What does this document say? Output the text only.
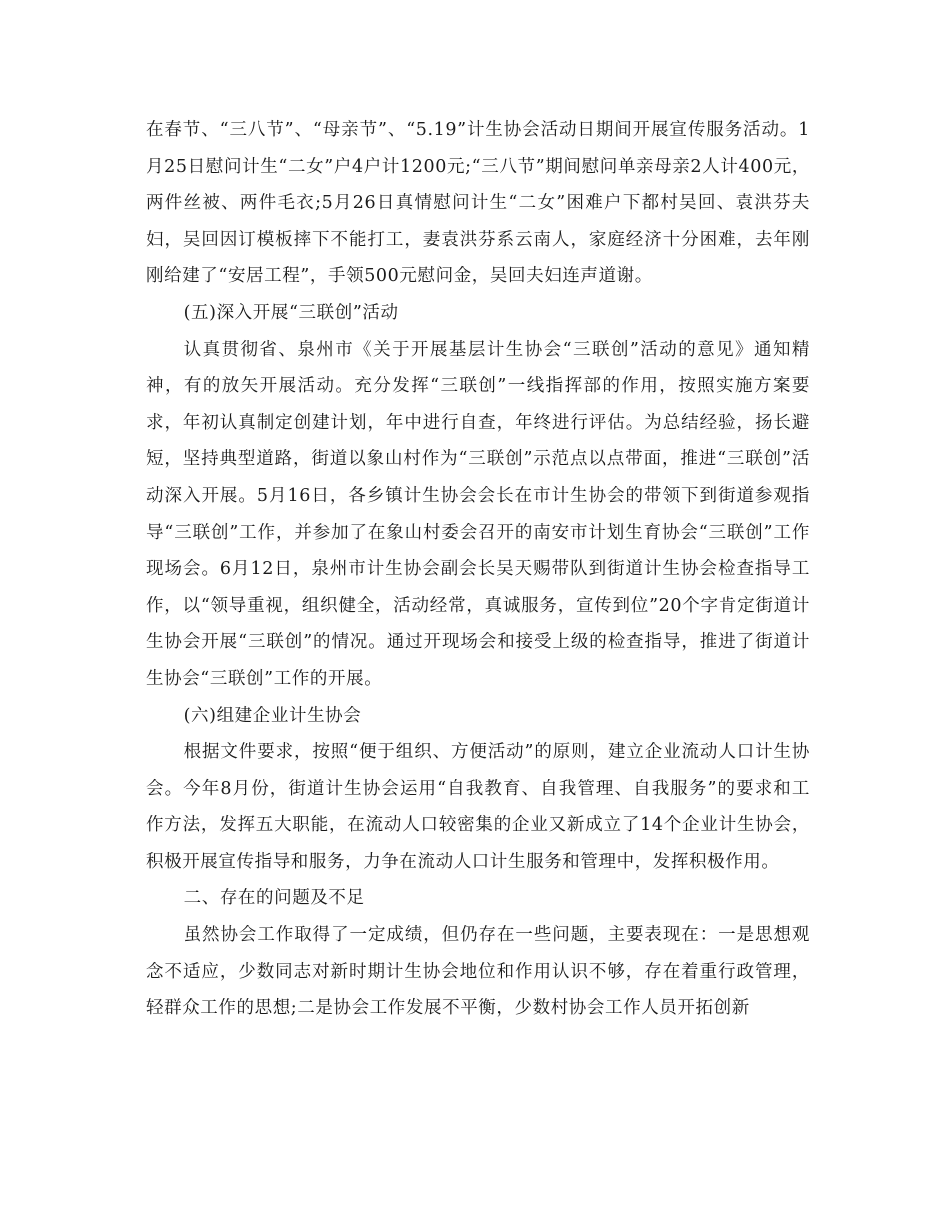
在春节、“三八节”、“母亲节”、“5.19”计生协会活动日期间开展宣传服务活动。1月25日慰问计生“二女”户4户计1200元;“三八节”期间慰问单亲母亲2人计400元，两件丝被、两件毛衣;5月26日真情慰问计生“二女”困难户下都村吴回、袁洪芬夫妇，吴回因订模板摔下不能打工，妻袁洪芬系云南人，家庭经济十分困难，去年刚刚给建了“安居工程”，手领500元慰问金，吴回夫妇连声道谢。

(五)深入开展“三联创”活动

认真贯彻省、泉州市《关于开展基层计生协会“三联创”活动的意见》通知精神，有的放矢开展活动。充分发挥“三联创”一线指挥部的作用，按照实施方案要求，年初认真制定创建计划，年中进行自查，年终进行评估。为总结经验，扬长避短，坚持典型道路，街道以象山村作为“三联创”示范点以点带面，推进“三联创”活动深入开展。5月16日，各乡镇计生协会会长在市计生协会的带领下到街道参观指导“三联创”工作，并参加了在象山村委会召开的南安市计划生育协会“三联创”工作现场会。6月12日，泉州市计生协会副会长吴天赐带队到街道计生协会检查指导工作，以“领导重视，组织健全，活动经常，真诚服务，宣传到位”20个字肯定街道计生协会开展“三联创”的情况。通过开现场会和接受上级的检查指导，推进了街道计生协会“三联创”工作的开展。

(六)组建企业计生协会

根据文件要求，按照“便于组织、方便活动”的原则，建立企业流动人口计生协会。今年8月份，街道计生协会运用“自我教育、自我管理、自我服务”的要求和工作方法，发挥五大职能，在流动人口较密集的企业又新成立了14个企业计生协会，积极开展宣传指导和服务，力争在流动人口计生服务和管理中，发挥积极作用。

二、存在的问题及不足

虽然协会工作取得了一定成绩，但仍存在一些问题，主要表现在：一是思想观念不适应，少数同志对新时期计生协会地位和作用认识不够，存在着重行政管理，轻群众工作的思想;二是协会工作发展不平衡，少数村协会工作人员开拓创新
